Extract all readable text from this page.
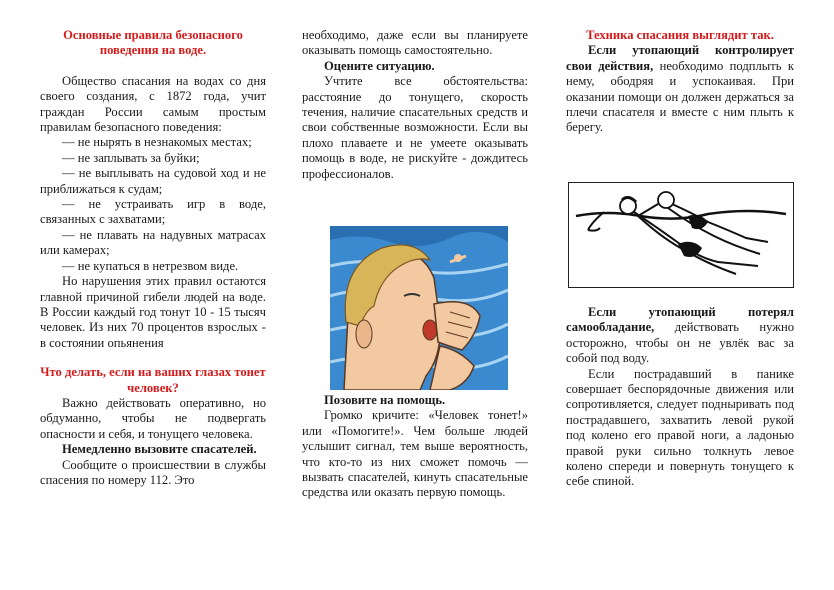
Основные правила безопасного поведения на воде.

Общество спасания на водах со дня своего создания, с 1872 года, учит граждан России самым простым правилам безопасного поведения:

— не нырять в незнакомых местах;

— не заплывать за буйки;

— не выплывать на судовой ход и не приближаться к судам;

— не устраивать игр в воде, связанных с захватами;

— не плавать на надувных матрасах или камерах;

— не купаться в нетрезвом виде.

Но нарушения этих правил остаются главной причиной гибели людей на воде. В России каждый год тонут 10 - 15 тысяч человек. Из них 70 процентов взрослых - в состоянии опьянения

Что делать, если на ваших глазах тонет человек?

Важно действовать оперативно, но обдуманно, чтобы не подвергать опасности и себя, и тонущего человека.

Немедленно вызовите спасателей.

Сообщите о происшествии в службы спасения по номеру 112. Это

необходимо, даже если вы планируете оказывать помощь самостоятельно.

Оцените ситуацию.

Учтите все обстоятельства: расстояние до тонущего, скорость течения, наличие спасательных средств и свои собственные возможности. Если вы плохо плаваете и не умеете оказывать помощь в воде, не рискуйте - дождитесь профессионалов.

Позовите на помощь.

Громко кричите: «Человек тонет!» или «Помогите!». Чем больше людей услышит сигнал, тем выше вероятность, что кто-то из них сможет помочь — вызвать спасателей, кинуть спасательные средства или оказать первую помощь.

Техника спасания выглядит так.

Если утопающий контролирует свои действия, необходимо подплыть к нему, ободряя и успокаивая. При оказании помощи он должен держаться за плечи спасателя и вместе с ним плыть к берегу.

Если утопающий потерял самообладание, действовать нужно осторожно, чтобы он не увлёк вас за собой под воду.

Если пострадавший в панике совершает беспорядочные движения или сопротивляется, следует подныривать под пострадавшего, захватить левой рукой под колено его правой ноги, а ладонью правой руки сильно толкнуть левое колено спереди и повернуть тонущего к себе спиной.
